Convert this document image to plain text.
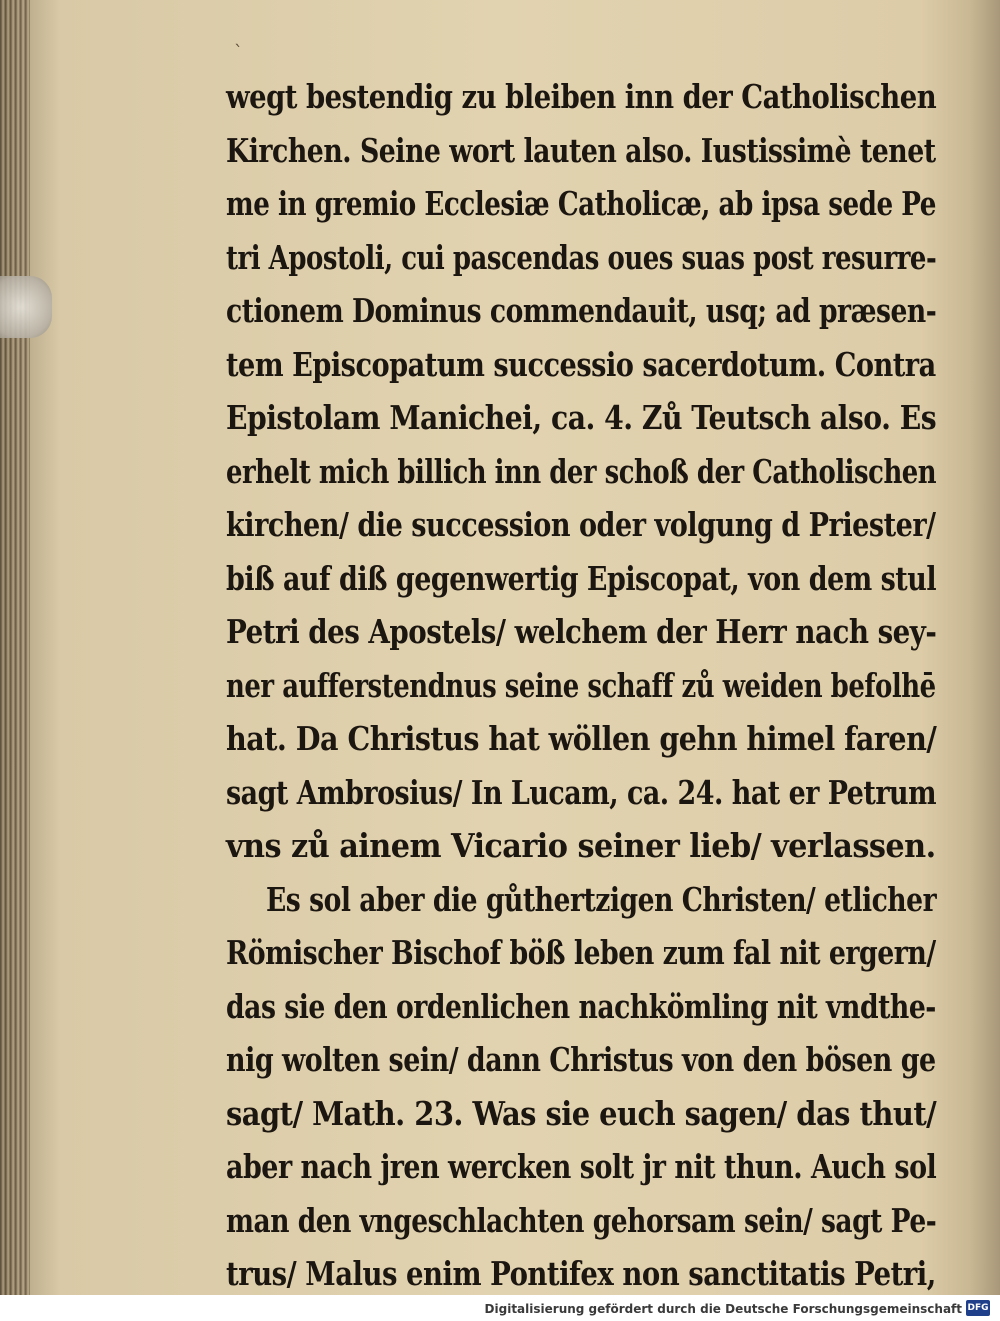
ˋ
wegt bestendig zu bleiben inn der Catholischen
Kirchen. Seine wort lauten also. Iustissimè tenet
me in gremio Ecclesiæ Catholicæ, ab ipsa sede Pe
tri Apostoli, cui pascendas oues suas post resurre-
ctionem Dominus commendauit, usq; ad præsen-
tem Episcopatum successio sacerdotum. Contra
Epistolam Manichei, ca. 4. Zů Teutsch also. Es
erhelt mich billich inn der schoß der Catholischen
kirchen/ die succession oder volgung d Priester/
biß auf diß gegenwertig Episcopat, von dem stul
Petri des Apostels/ welchem der Herr nach sey-
ner aufferstendnus seine schaff zů weiden befolhē
hat. Da Christus hat wöllen gehn himel faren/
sagt Ambrosius/ In Lucam, ca. 24. hat er Petrum
vns zů ainem Vicario seiner lieb/ verlassen.
Es sol aber die gůthertzigen Christen/ etlicher
Römischer Bischof böß leben zum fal nit ergern/
das sie den ordenlichen nachkömling nit vndthe-
nig wolten sein/ dann Christus von den bösen ge
sagt/ Math. 23. Was sie euch sagen/ das thut/
aber nach jren wercken solt jr nit thun. Auch sol
man den vngeschlachten gehorsam sein/ sagt Pe-
trus/ Malus enim Pontifex non sanctitatis Petri,
Digitalisierung gefördert durch die Deutsche Forschungsgemeinschaft DFG
